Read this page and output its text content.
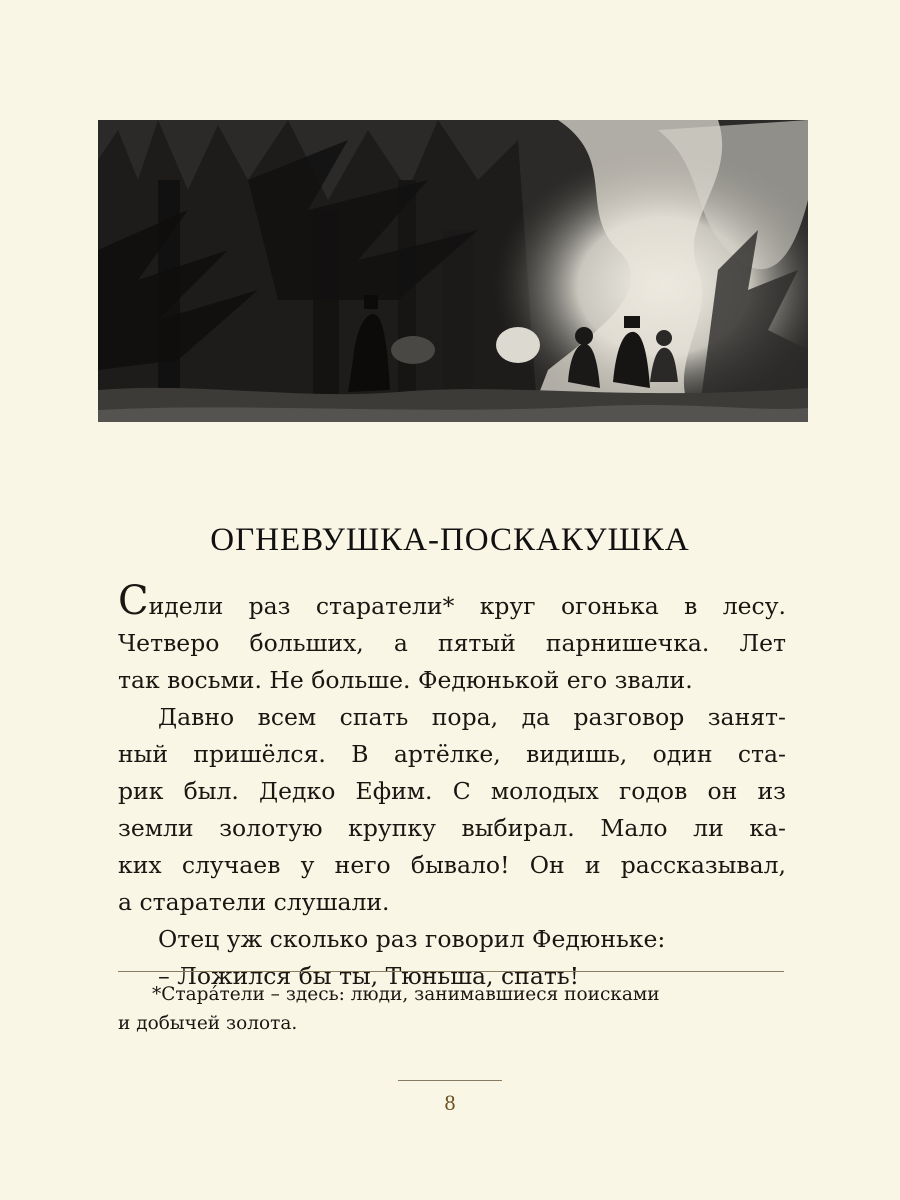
ОГНЕВУШКА-ПОСКАКУШКА
Сидели раз старатели* круг огонька в лесу.
Четверо больших, а пятый парнишечка. Лет
так восьми. Не больше. Федюнькой его звали.
Давно всем спать пора, да разговор занят-
ный пришёлся. В артёлке, видишь, один ста-
рик был. Дедко Ефим. С молодых годов он из
земли золотую крупку выбирал. Мало ли ка-
ких случаев у него бывало! Он и рассказывал,
а старатели слушали.
Отец уж сколько раз говорил Федюньке:
– Ложился бы ты, Тюньша, спать!
*Стара́тели – здесь: люди, занимавшиеся поисками
и добычей золота.
8
